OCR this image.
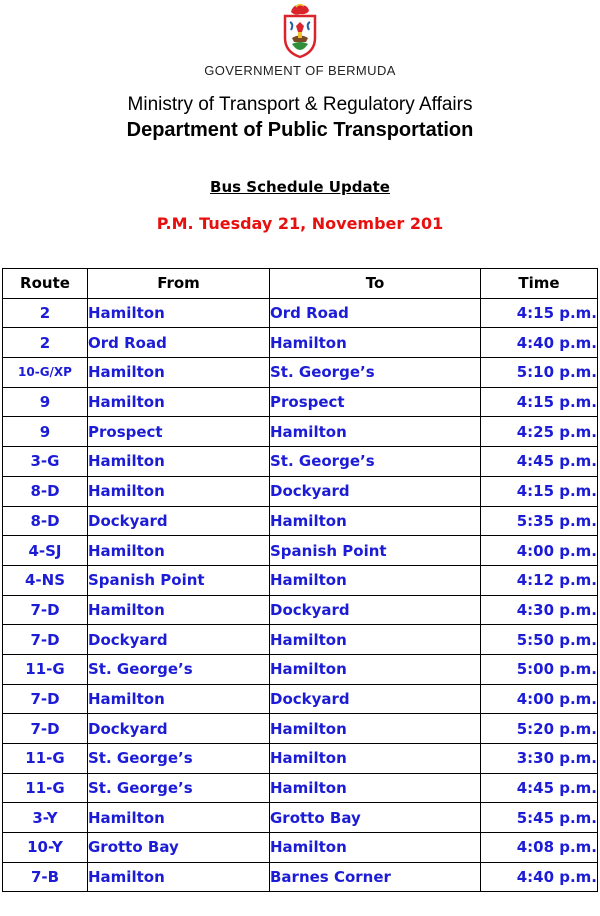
GOVERNMENT OF BERMUDA
Ministry of Transport & Regulatory Affairs
Department of Public Transportation
Bus Schedule Update
P.M. Tuesday 21, November 201
Route	From	To	Time
2	Hamilton	Ord Road	4:15 p.m.
2	Ord Road	Hamilton	4:40 p.m.
10-G/XP	Hamilton	St. George’s	5:10 p.m.
9	Hamilton	Prospect	4:15 p.m.
9	Prospect	Hamilton	4:25 p.m.
3-G	Hamilton	St. George’s	4:45 p.m.
8-D	Hamilton	Dockyard	4:15 p.m.
8-D	Dockyard	Hamilton	5:35 p.m.
4-SJ	Hamilton	Spanish Point	4:00 p.m.
4-NS	Spanish Point	Hamilton	4:12 p.m.
7-D	Hamilton	Dockyard	4:30 p.m.
7-D	Dockyard	Hamilton	5:50 p.m.
11-G	St. George’s	Hamilton	5:00 p.m.
7-D	Hamilton	Dockyard	4:00 p.m.
7-D	Dockyard	Hamilton	5:20 p.m.
11-G	St. George’s	Hamilton	3:30 p.m.
11-G	St. George’s	Hamilton	4:45 p.m.
3-Y	Hamilton	Grotto Bay	5:45 p.m.
10-Y	Grotto Bay	Hamilton	4:08 p.m.
7-B	Hamilton	Barnes Corner	4:40 p.m.
